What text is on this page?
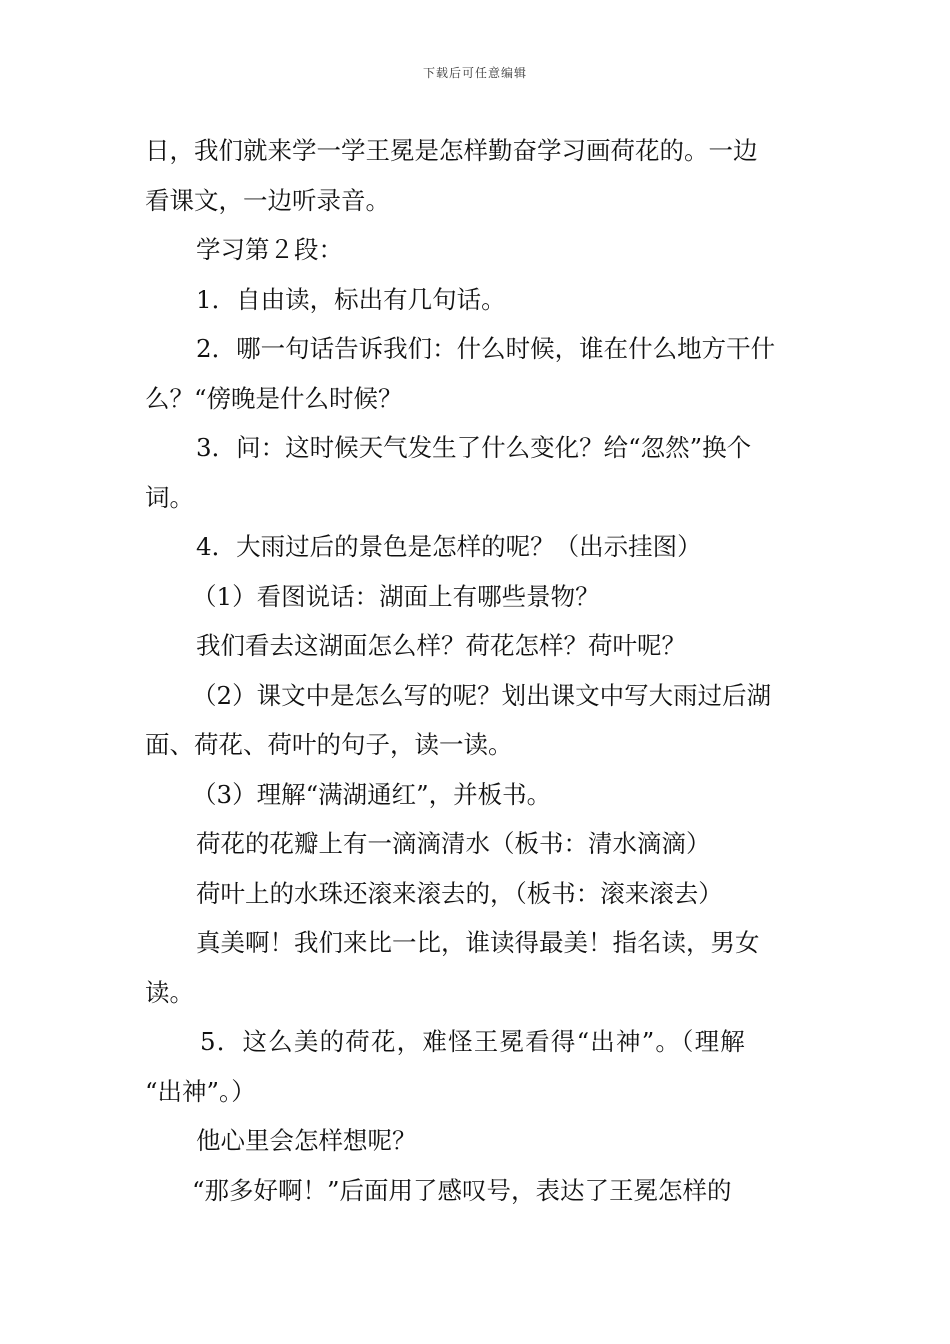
下载后可任意编辑
日，我们就来学一学王冕是怎样勤奋学习画荷花的。一边
看课文，一边听录音。
学习第２段：
1．自由读，标出有几句话。
2．哪一句话告诉我们：什么时候，谁在什么地方干什
么？“傍晚是什么时候？
3．问：这时候天气发生了什么变化？给“忽然”换个
词。
4．大雨过后的景色是怎样的呢？（出示挂图）
（1）看图说话：湖面上有哪些景物？
我们看去这湖面怎么样？荷花怎样？荷叶呢？
（2）课文中是怎么写的呢？划出课文中写大雨过后湖
面、荷花、荷叶的句子，读一读。
（3）理解“满湖通红”，并板书。
荷花的花瓣上有一滴滴清水（板书：清水滴滴）
荷叶上的水珠还滚来滚去的，（板书：滚来滚去）
真美啊！我们来比一比，谁读得最美！指名读，男女
读。
5．这么美的荷花，难怪王冕看得“出神”。（理解
“出神”。）
他心里会怎样想呢？
“那多好啊！”后面用了感叹号，表达了王冕怎样的
